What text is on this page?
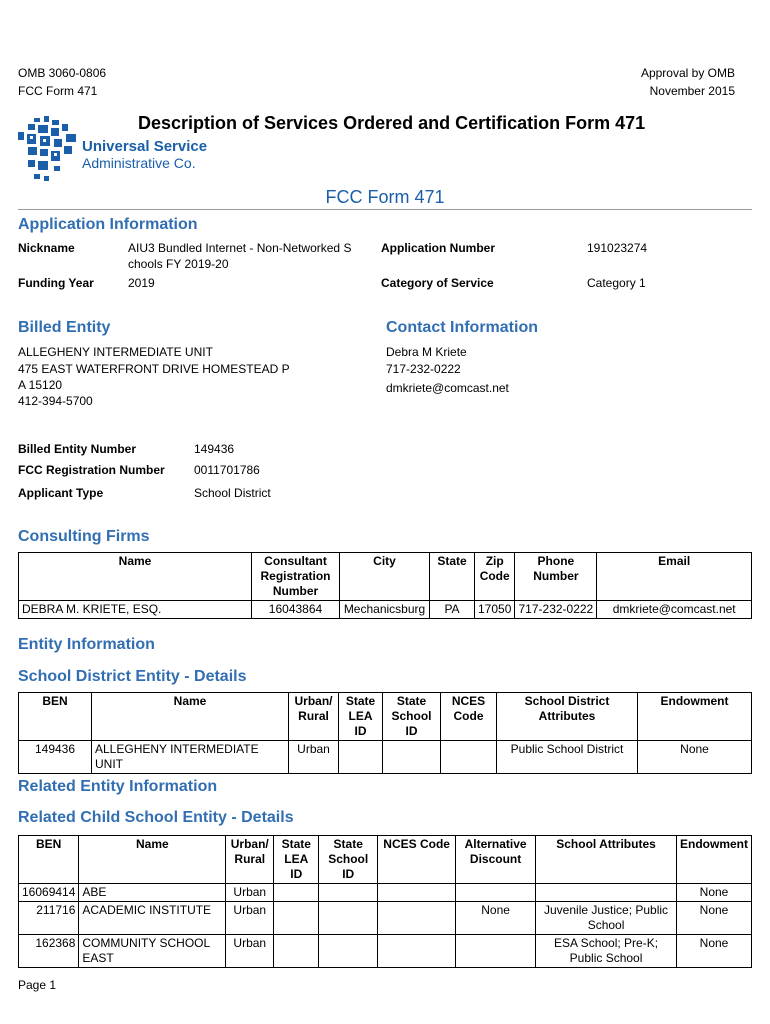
OMB 3060-0806
FCC Form 471
Approval by OMB
November 2015
Description of Services Ordered and Certification Form 471
Universal Service
Administrative Co.
FCC Form 471
Application Information
Nickname	AIU3 Bundled Internet - Non-Networked S
chools FY 2019-20
Application Number	191023274
Funding Year	2019	Category of Service	Category 1
Billed Entity	Contact Information
ALLEGHENY INTERMEDIATE UNIT
475 EAST WATERFRONT DRIVE HOMESTEAD P
A 15120
412-394-5700
Debra M Kriete
717-232-0222
dmkriete@comcast.net
Billed Entity Number	149436
FCC Registration Number 0011701786
Applicant Type	School District
Consulting Firms
Name	Consultant Registration Number	City	State	Zip Code	Phone Number	Email
DEBRA M. KRIETE, ESQ.	16043864	Mechanicsburg	PA	17050	717-232-0222	dmkriete@comcast.net
Entity Information
School District Entity - Details
BEN	Name	Urban/ Rural	State LEA ID	State School ID	NCES Code	School District Attributes	Endowment
149436	ALLEGHENY INTERMEDIATE UNIT	Urban				Public School District	None
Related Entity Information
Related Child School Entity - Details
BEN	Name	Urban/ Rural	State LEA ID	State School ID	NCES Code	Alternative Discount	School Attributes	Endowment
16069414	ABE	Urban						None
211716	ACADEMIC INSTITUTE	Urban				None	Juvenile Justice; Public School	None
162368	COMMUNITY SCHOOL EAST	Urban					ESA School; Pre-K; Public School	None
Page 1
